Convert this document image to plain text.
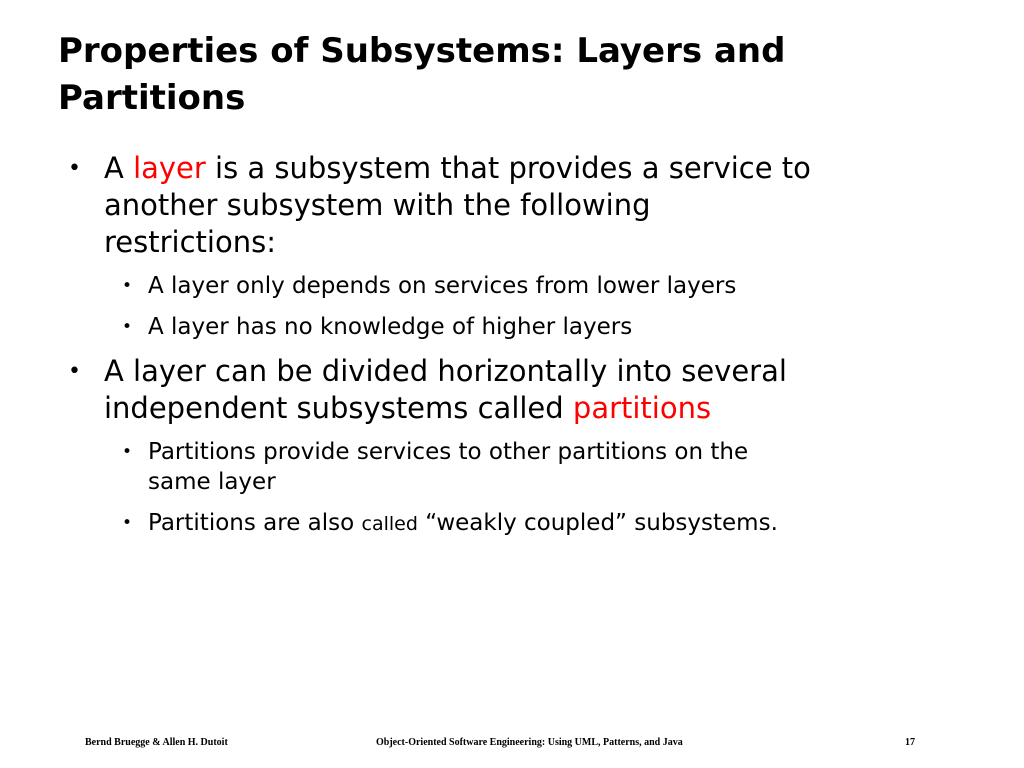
Properties of Subsystems: Layers and
Partitions
• A layer is a subsystem that provides a service to
another subsystem with the following
restrictions:
• A layer only depends on services from lower layers
• A layer has no knowledge of higher layers
• A layer can be divided horizontally into several
independent subsystems called partitions
• Partitions provide services to other partitions on the
same layer
• Partitions are also called “weakly coupled” subsystems.
Bernd Bruegge & Allen H. Dutoit	Object-Oriented Software Engineering: Using UML, Patterns, and Java	17
